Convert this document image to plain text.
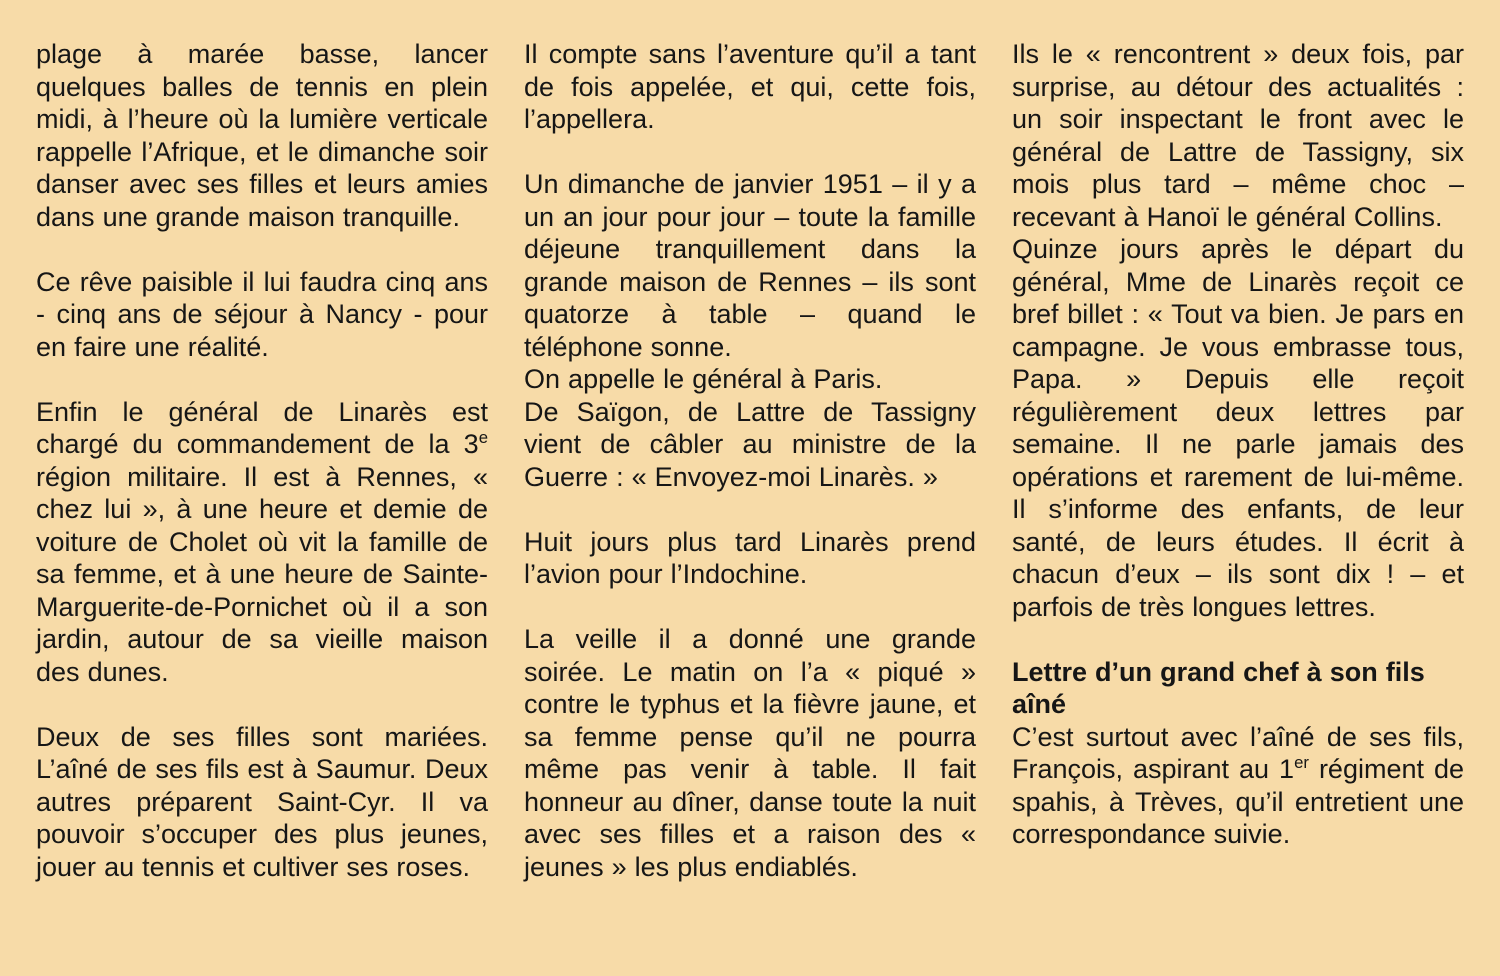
plage à marée basse, lancer quelques balles de tennis en plein midi, à l’heure où la lumière verticale rappelle l’Afrique, et le dimanche soir danser avec ses filles et leurs amies dans une grande maison tranquille.

Ce rêve paisible il lui faudra cinq ans - cinq ans de séjour à Nancy - pour en faire une réalité.

Enfin le général de Linarès est chargé du commandement de la 3e région militaire. Il est à Rennes, « chez lui », à une heure et demie de voiture de Cholet où vit la famille de sa femme, et à une heure de Sainte-Marguerite-de-Pornichet où il a son jardin, autour de sa vieille maison des dunes.

Deux de ses filles sont mariées. L’aîné de ses fils est à Saumur. Deux autres préparent Saint-Cyr. Il va pouvoir s’occuper des plus jeunes, jouer au tennis et cultiver ses roses.

Il compte sans l’aventure qu’il a tant de fois appelée, et qui, cette fois, l’appellera.

Un dimanche de janvier 1951 – il y a un an jour pour jour – toute la famille déjeune tranquillement dans la grande maison de Rennes – ils sont quatorze à table – quand le téléphone sonne.

On appelle le général à Paris.

De Saïgon, de Lattre de Tassigny vient de câbler au ministre de la Guerre : « Envoyez-moi Linarès. »

Huit jours plus tard Linarès prend l’avion pour l’Indochine.

La veille il a donné une grande soirée. Le matin on l’a « piqué » contre le typhus et la fièvre jaune, et sa femme pense qu’il ne pourra même pas venir à table. Il fait honneur au dîner, danse toute la nuit avec ses filles et a raison des « jeunes » les plus endiablés.

Ils le « rencontrent » deux fois, par surprise, au détour des actualités : un soir inspectant le front avec le général de Lattre de Tassigny, six mois plus tard – même choc – recevant à Hanoï le général Collins.

Quinze jours après le départ du général, Mme de Linarès reçoit ce bref billet : « Tout va bien. Je pars en campagne. Je vous embrasse tous, Papa. » Depuis elle reçoit régulièrement deux lettres par semaine. Il ne parle jamais des opérations et rarement de lui-même. Il s’informe des enfants, de leur santé, de leurs études. Il écrit à chacun d’eux – ils sont dix ! – et parfois de très longues lettres.

Lettre d’un grand chef à son fils aîné

C’est surtout avec l’aîné de ses fils, François, aspirant au 1er régiment de spahis, à Trèves, qu’il entretient une correspondance suivie.
